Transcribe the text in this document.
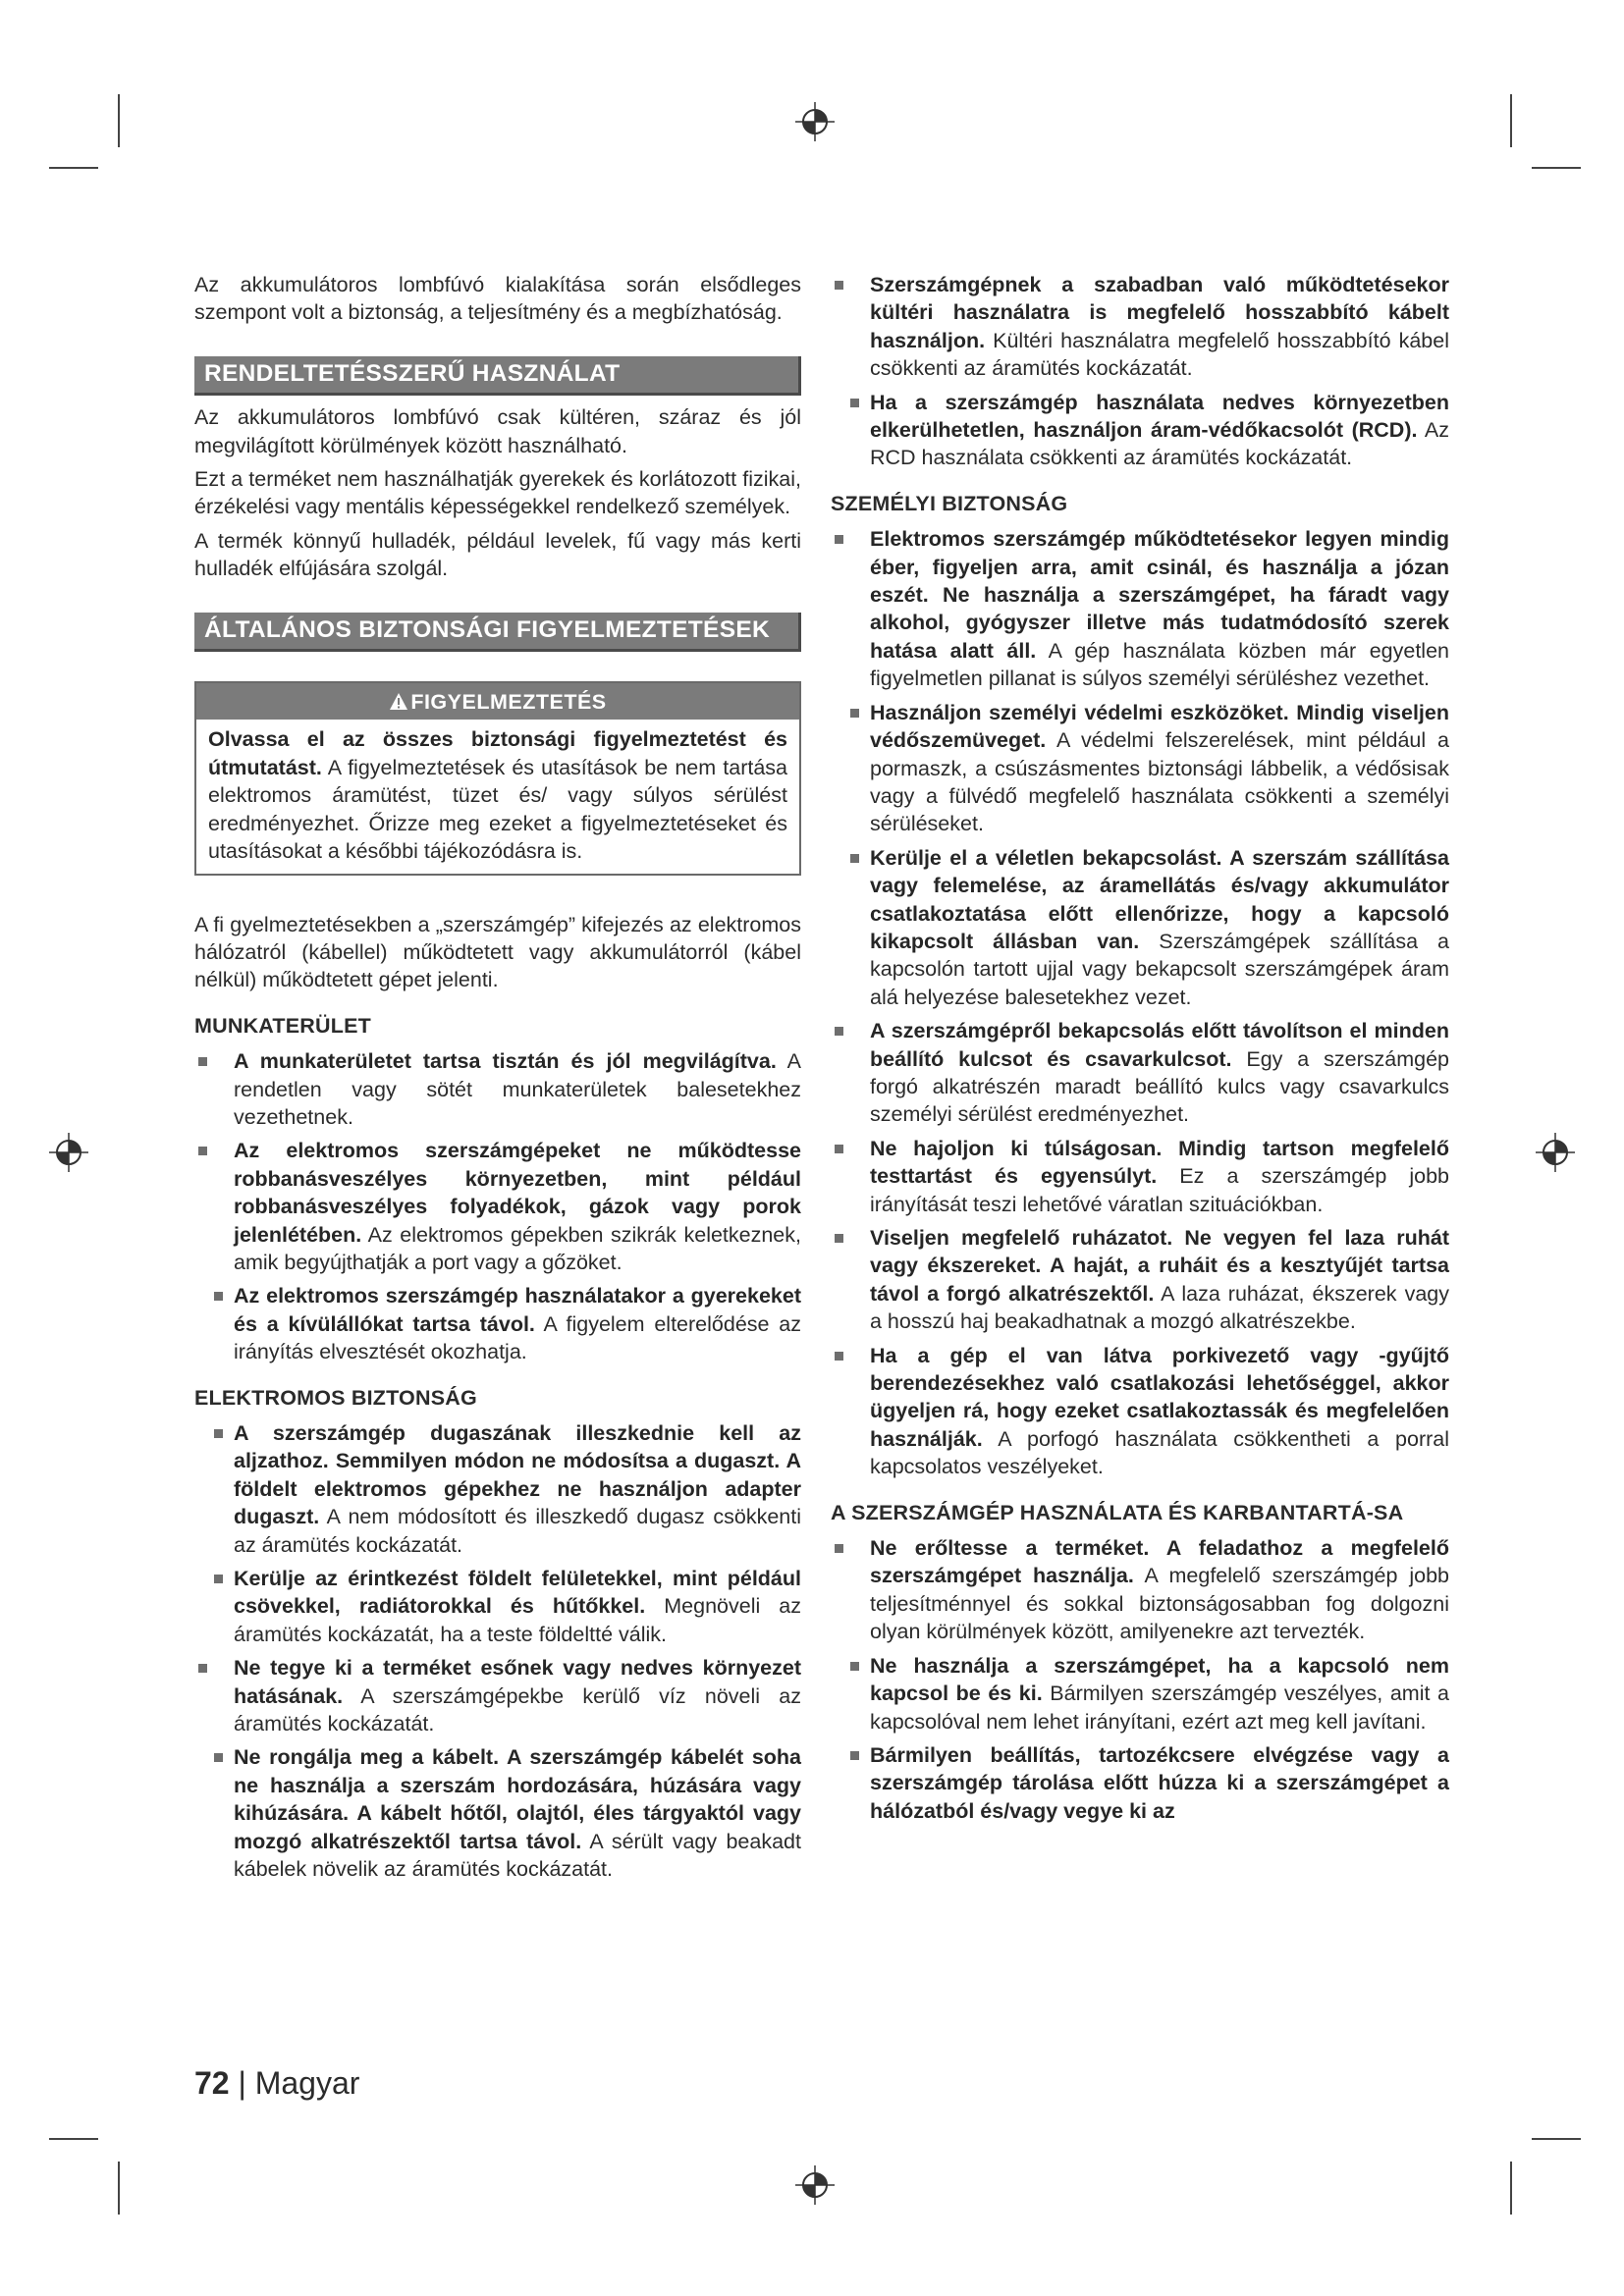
Az akkumulátoros lombfúvó kialakítása során elsődleges szempont volt a biztonság, a teljesítmény és a megbízhatóság.

RENDELTETÉSSZERŰ HASZNÁLAT

Az akkumulátoros lombfúvó csak kültéren, száraz és jól megvilágított körülmények között használható.

Ezt a terméket nem használhatják gyerekek és korlátozott fizikai, érzékelési vagy mentális képességekkel rendelkező személyek.

A termék könnyű hulladék, például levelek, fű vagy más kerti hulladék elfújására szolgál.

ÁLTALÁNOS BIZTONSÁGI FIGYELMEZTETÉSEK
FIGYELMEZTETÉS

Olvassa el az összes biztonsági figyelmeztetést és útmutatást. A figyelmeztetések és utasítások be nem tartása elektromos áramütést, tüzet és/ vagy súlyos sérülést eredményezhet. Őrizze meg ezeket a figyelmeztetéseket és utasításokat a későbbi tájékozódásra is.

A fi gyelmeztetésekben a „szerszámgép” kifejezés az elektromos hálózatról (kábellel) működtetett vagy akkumulátorról (kábel nélkül) működtetett gépet jelenti.

MUNKATERÜLET
A munkaterületet tartsa tisztán és jól megvilágítva. A rendetlen vagy sötét munkaterületek balesetekhez vezethetnek.
Az elektromos szerszámgépeket ne működtesse robbanásveszélyes környezetben, mint például robbanásveszélyes folyadékok, gázok vagy porok jelenlétében. Az elektromos gépekben szikrák keletkeznek, amik begyújthatják a port vagy a gőzöket.
Az elektromos szerszámgép használatakor a gyerekeket és a kívülállókat tartsa távol. A figyelem elterelődése az irányítás elvesztését okozhatja.
ELEKTROMOS BIZTONSÁG
A szerszámgép dugaszának illeszkednie kell az aljzathoz. Semmilyen módon ne módosítsa a dugaszt. A földelt elektromos gépekhez ne használjon adapter dugaszt. A nem módosított és illeszkedő dugasz csökkenti az áramütés kockázatát.
Kerülje az érintkezést földelt felületekkel, mint például csövekkel, radiátorokkal és hűtőkkel. Megnöveli az áramütés kockázatát, ha a teste földeltté válik.
Ne tegye ki a terméket esőnek vagy nedves környezet hatásának. A szerszámgépekbe kerülő víz növeli az áramütés kockázatát.
Ne rongálja meg a kábelt. A szerszámgép kábelét soha ne használja a szerszám hordozására, húzására vagy kihúzására. A kábelt hőtől, olajtól, éles tárgyaktól vagy mozgó alkatrészektől tartsa távol. A sérült vagy beakadt kábelek növelik az áramütés kockázatát.
Szerszámgépnek a szabadban való működtetésekor kültéri használatra is megfelelő hosszabbító kábelt használjon. Kültéri használatra megfelelő hosszabbító kábel csökkenti az áramütés kockázatát.
Ha a szerszámgép használata nedves környezetben elkerülhetetlen, használjon áram-védőkacsolót (RCD). Az RCD használata csökkenti az áramütés kockázatát.
SZEMÉLYI BIZTONSÁG
Elektromos szerszámgép működtetésekor legyen mindig éber, figyeljen arra, amit csinál, és használja a józan eszét. Ne használja a szerszámgépet, ha fáradt vagy alkohol, gyógyszer illetve más tudatmódosító szerek hatása alatt áll. A gép használata közben már egyetlen figyelmetlen pillanat is súlyos személyi sérüléshez vezethet.
Használjon személyi védelmi eszközöket. Mindig viseljen védőszemüveget. A védelmi felszerelések, mint például a pormaszk, a csúszásmentes biztonsági lábbelik, a védősisak vagy a fülvédő megfelelő használata csökkenti a személyi sérüléseket.
Kerülje el a véletlen bekapcsolást. A szerszám szállítása vagy felemelése, az áramellátás és/vagy akkumulátor csatlakoztatása előtt ellenőrizze, hogy a kapcsoló kikapcsolt állásban van. Szerszámgépek szállítása a kapcsolón tartott ujjal vagy bekapcsolt szerszámgépek áram alá helyezése balesetekhez vezet.
A szerszámgépről bekapcsolás előtt távolítson el minden beállító kulcsot és csavarkulcsot. Egy a szerszámgép forgó alkatrészén maradt beállító kulcs vagy csavarkulcs személyi sérülést eredményezhet.
Ne hajoljon ki túlságosan. Mindig tartson megfelelő testtartást és egyensúlyt. Ez a szerszámgép jobb irányítását teszi lehetővé váratlan szituációkban.
Viseljen megfelelő ruházatot. Ne vegyen fel laza ruhát vagy ékszereket. A haját, a ruháit és a kesztyűjét tartsa távol a forgó alkatrészektől. A laza ruházat, ékszerek vagy a hosszú haj beakadhatnak a mozgó alkatrészekbe.
Ha a gép el van látva porkivezető vagy -gyűjtő berendezésekhez való csatlakozási lehetőséggel, akkor ügyeljen rá, hogy ezeket csatlakoztassák és megfelelően használják. A porfogó használata csökkentheti a porral kapcsolatos veszélyeket.
A SZERSZÁMGÉP HASZNÁLATA ÉS KARBANTARTÁ-SA
Ne erőltesse a terméket. A feladathoz a megfelelő szerszámgépet használja. A megfelelő szerszámgép jobb teljesítménnyel és sokkal biztonságosabban fog dolgozni olyan körülmények között, amilyenekre azt tervezték.
Ne használja a szerszámgépet, ha a kapcsoló nem kapcsol be és ki. Bármilyen szerszámgép veszélyes, amit a kapcsolóval nem lehet irányítani, ezért azt meg kell javítani.
Bármilyen beállítás, tartozékcsere elvégzése vagy a szerszámgép tárolása előtt húzza ki a szerszámgépet a hálózatból és/vagy vegye ki az
72 | Magyar
